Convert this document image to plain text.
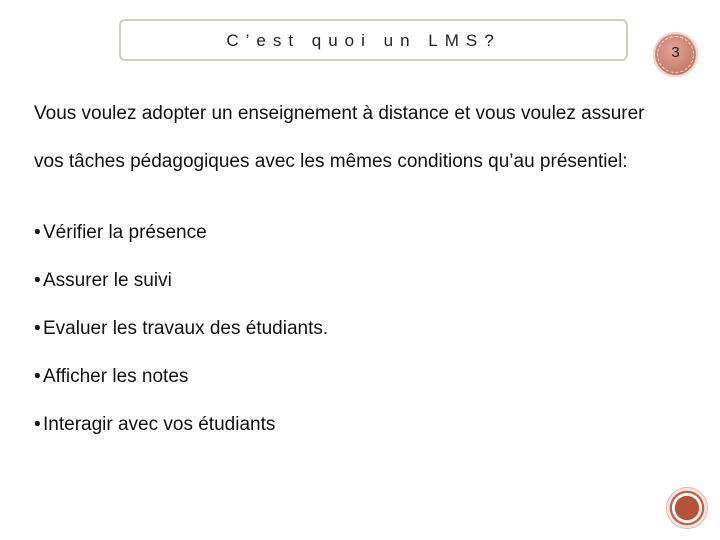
C’est quoi un LMS?
3
Vous voulez adopter un enseignement à distance et vous voulez assurer
vos tâches pédagogiques avec les mêmes conditions qu’au présentiel:
• Vérifier la présence
• Assurer le suivi
• Evaluer les travaux des étudiants.
• Afficher les notes
• Interagir avec vos étudiants
